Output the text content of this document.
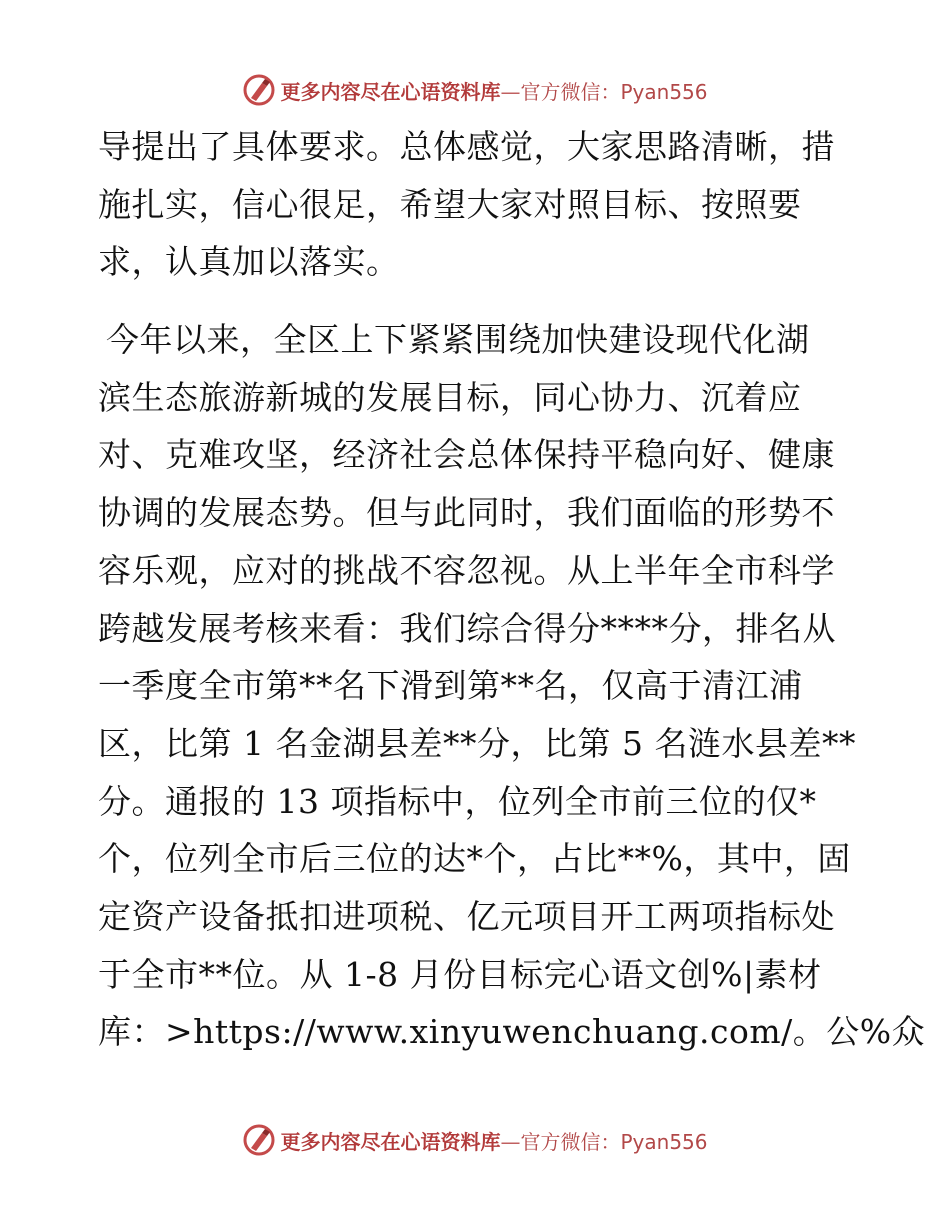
更多内容尽在心语资料库—官方微信：Pyan556
导提出了具体要求。总体感觉，大家思路清晰，措
施扎实，信心很足，希望大家对照目标、按照要
求，认真加以落实。
今年以来，全区上下紧紧围绕加快建设现代化湖
滨生态旅游新城的发展目标，同心协力、沉着应
对、克难攻坚，经济社会总体保持平稳向好、健康
协调的发展态势。但与此同时，我们面临的形势不
容乐观，应对的挑战不容忽视。从上半年全市科学
跨越发展考核来看：我们综合得分****分，排名从
一季度全市第**名下滑到第**名，仅高于清江浦
区，比第 1 名金湖县差**分，比第 5 名涟水县差**
分。通报的 13 项指标中，位列全市前三位的仅*
个，位列全市后三位的达*个，占比**%，其中，固
定资产设备抵扣进项税、亿元项目开工两项指标处
于全市**位。从 1-8 月份目标完心语文创%|素材
库：>https://www.xinyuwenchuang.com/。公%众
更多内容尽在心语资料库—官方微信：Pyan556
